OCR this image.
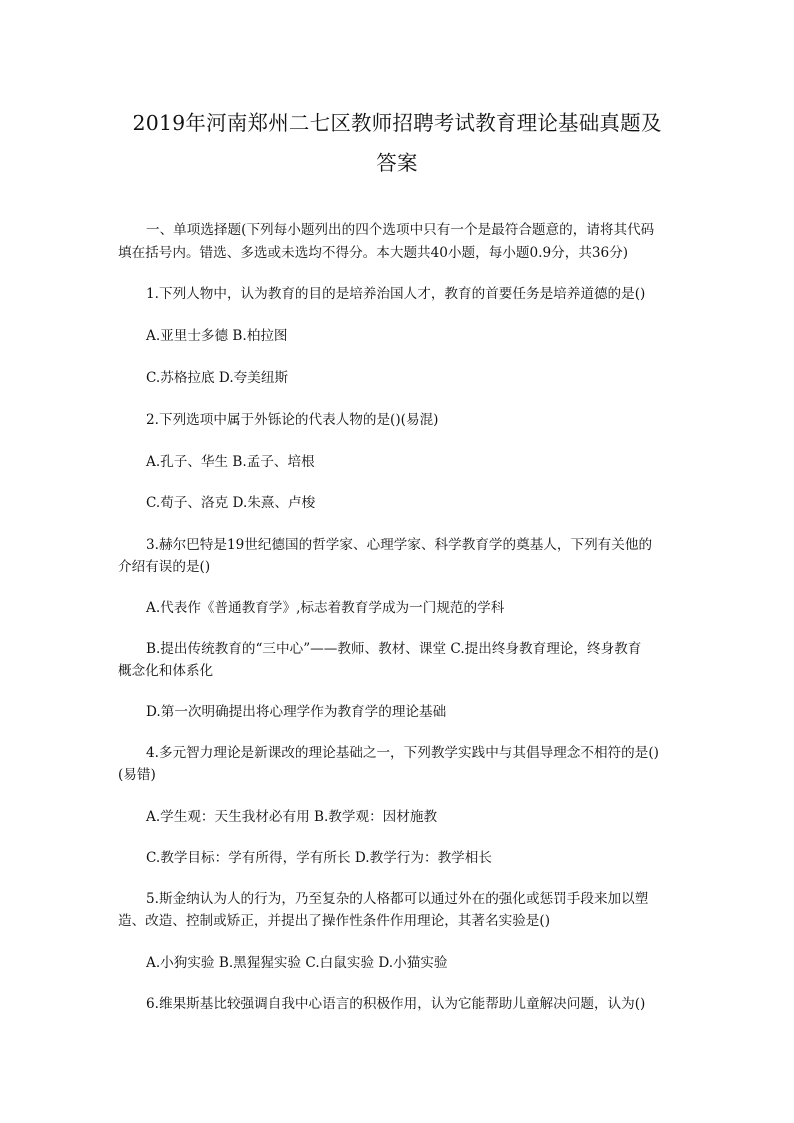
2019年河南郑州二七区教师招聘考试教育理论基础真题及
答案
一、单项选择题(下列每小题列出的四个选项中只有一个是最符合题意的，请将其代码
填在括号内。错选、多选或未选均不得分。本大题共40小题，每小题0.9分，共36分)
1.下列人物中，认为教育的目的是培养治国人才，教育的首要任务是培养道德的是()
A.亚里士多德 B.柏拉图
C.苏格拉底 D.夸美纽斯
2.下列选项中属于外铄论的代表人物的是()(易混)
A.孔子、华生 B.孟子、培根
C.荀子、洛克 D.朱熹、卢梭
3.赫尔巴特是19世纪德国的哲学家、心理学家、科学教育学的奠基人，下列有关他的
介绍有误的是()
A.代表作《普通教育学》,标志着教育学成为一门规范的学科
B.提出传统教育的“三中心”——教师、教材、课堂 C.提出终身教育理论，终身教育
概念化和体系化
D.第一次明确提出将心理学作为教育学的理论基础
4.多元智力理论是新课改的理论基础之一，下列教学实践中与其倡导理念不相符的是()
(易错)
A.学生观：天生我材必有用 B.教学观：因材施教
C.教学目标：学有所得，学有所长 D.教学行为：教学相长
5.斯金纳认为人的行为，乃至复杂的人格都可以通过外在的强化或惩罚手段来加以塑
造、改造、控制或矫正，并提出了操作性条件作用理论，其著名实验是()
A.小狗实验 B.黑猩猩实验 C.白鼠实验 D.小猫实验
6.维果斯基比较强调自我中心语言的积极作用，认为它能帮助儿童解决问题，认为()
